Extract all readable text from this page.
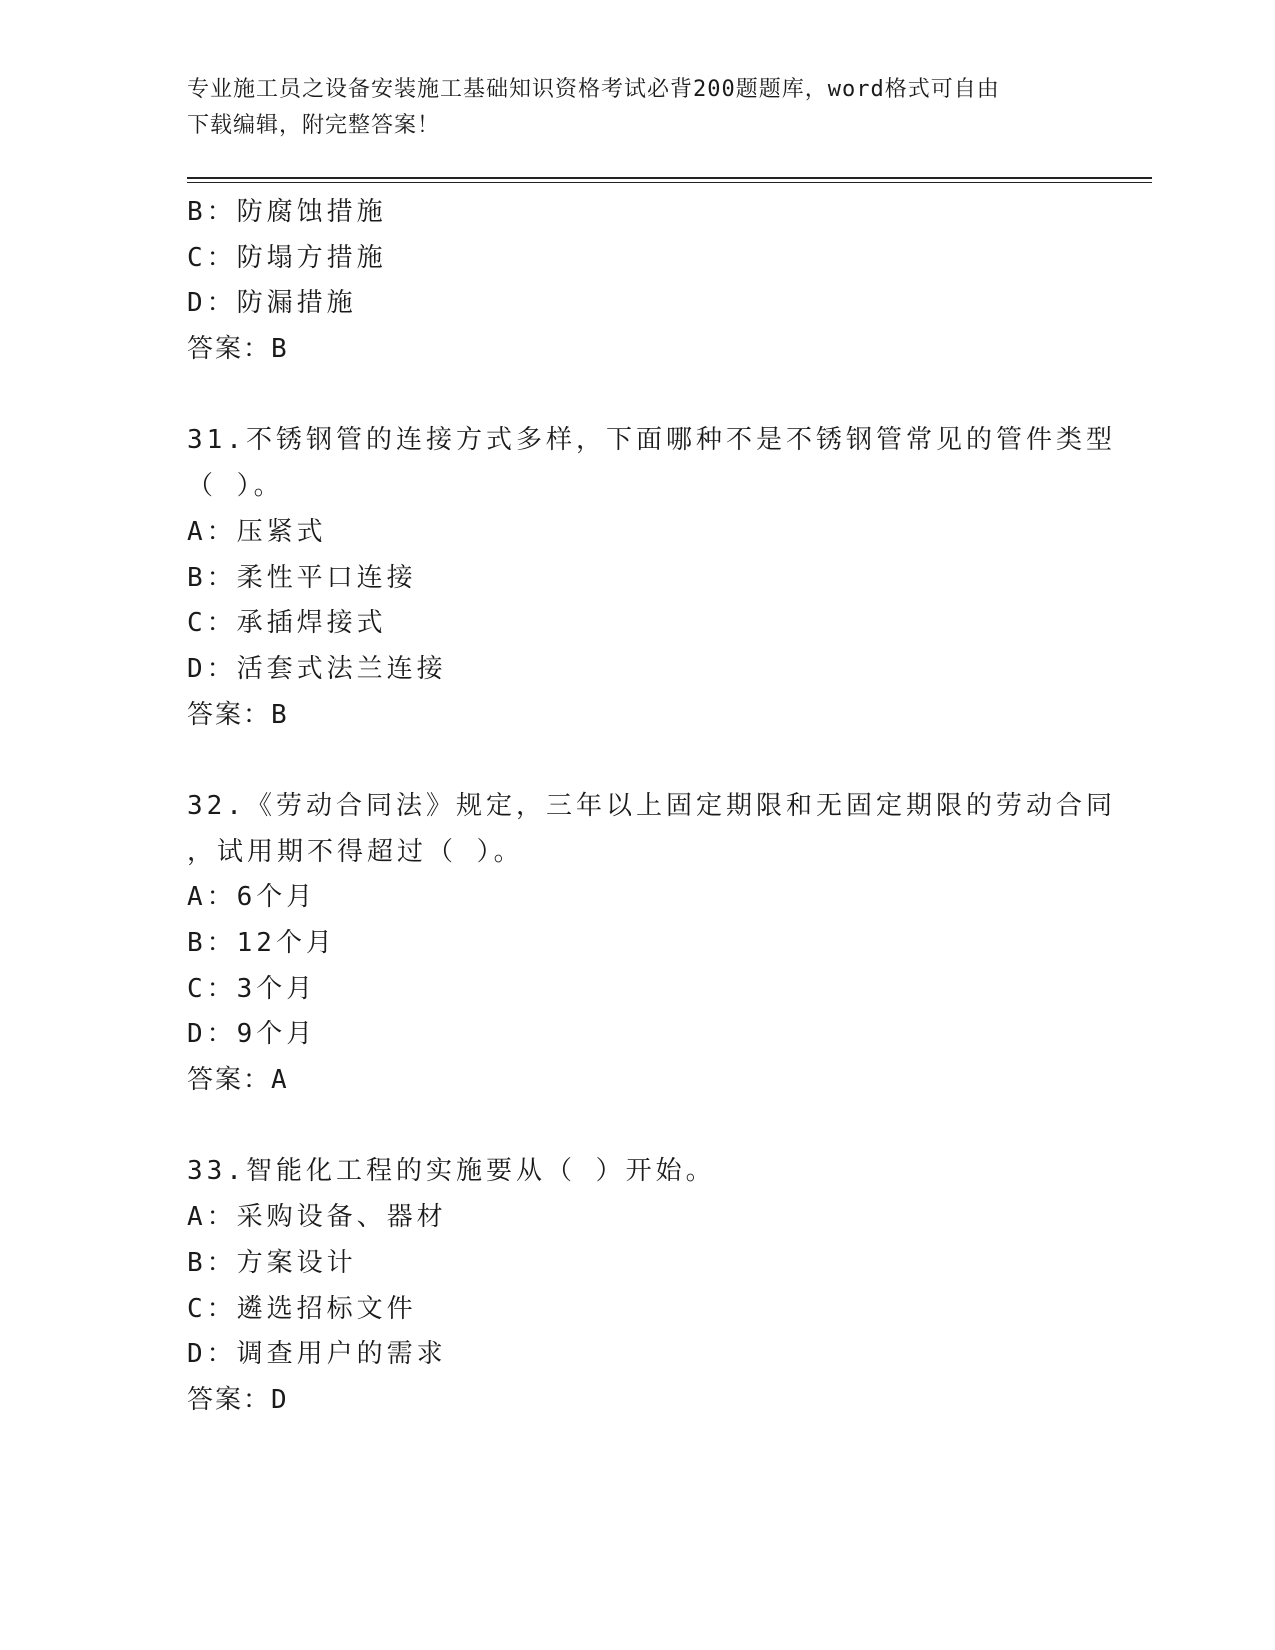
专业施工员之设备安装施工基础知识资格考试必背200题题库，word格式可自由
下载编辑，附完整答案！
B：防腐蚀措施
C：防塌方措施
D：防漏措施
答案：B
31.不锈钢管的连接方式多样，下面哪种不是不锈钢管常见的管件类型
（ ）。
A：压紧式
B：柔性平口连接
C：承插焊接式
D：活套式法兰连接
答案：B
32.《劳动合同法》规定，三年以上固定期限和无固定期限的劳动合同
，试用期不得超过（ ）。
A：6个月
B：12个月
C：3个月
D：9个月
答案：A
33.智能化工程的实施要从（ ）开始。
A：采购设备、器材
B：方案设计
C：遴选招标文件
D：调查用户的需求
答案：D
